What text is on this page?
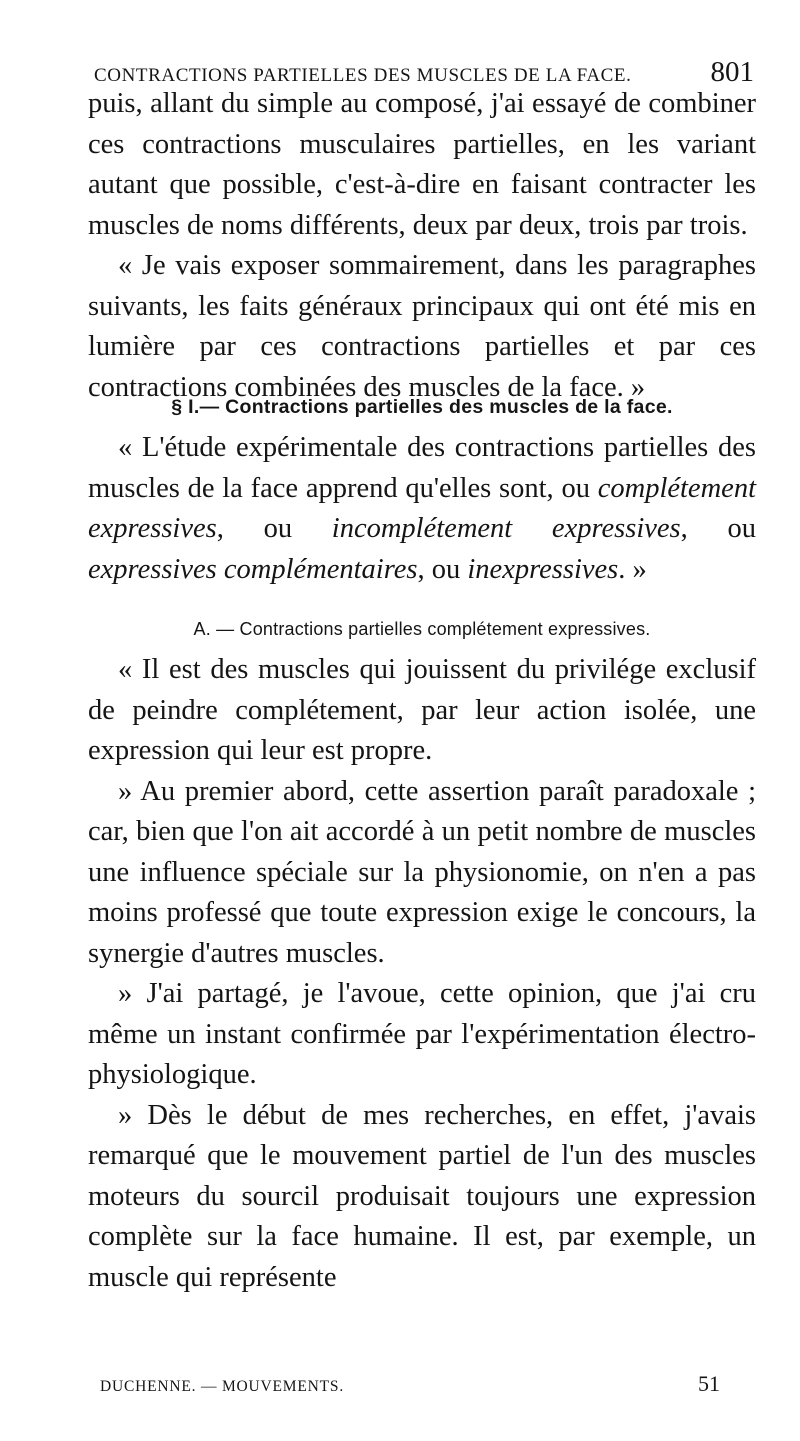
CONTRACTIONS PARTIELLES DES MUSCLES DE LA FACE.	801

puis, allant du simple au composé, j'ai essayé de combiner ces contractions musculaires partielles, en les variant autant que possible, c'est-à-dire en faisant contracter les muscles de noms différents, deux par deux, trois par trois.

« Je vais exposer sommairement, dans les paragraphes suivants, les faits généraux principaux qui ont été mis en lumière par ces contractions partielles et par ces contractions combinées des muscles de la face. »

§ I.— Contractions partielles des muscles de la face.

« L'étude expérimentale des contractions partielles des muscles de la face apprend qu'elles sont, ou complétement expressives, ou incomplétement expressives, ou expressives complémentaires, ou inexpressives. »

A. — Contractions partielles complétement expressives.

« Il est des muscles qui jouissent du privilége exclusif de peindre complétement, par leur action isolée, une expression qui leur est propre.

» Au premier abord, cette assertion paraît paradoxale ; car, bien que l'on ait accordé à un petit nombre de muscles une influence spéciale sur la physionomie, on n'en a pas moins professé que toute expression exige le concours, la synergie d'autres muscles.

» J'ai partagé, je l'avoue, cette opinion, que j'ai cru même un instant confirmée par l'expérimentation électro-physiologique.

» Dès le début de mes recherches, en effet, j'avais remarqué que le mouvement partiel de l'un des muscles moteurs du sourcil produisait toujours une expression complète sur la face humaine. Il est, par exemple, un muscle qui représente

DUCHENNE. — MOUVEMENTS.	51
